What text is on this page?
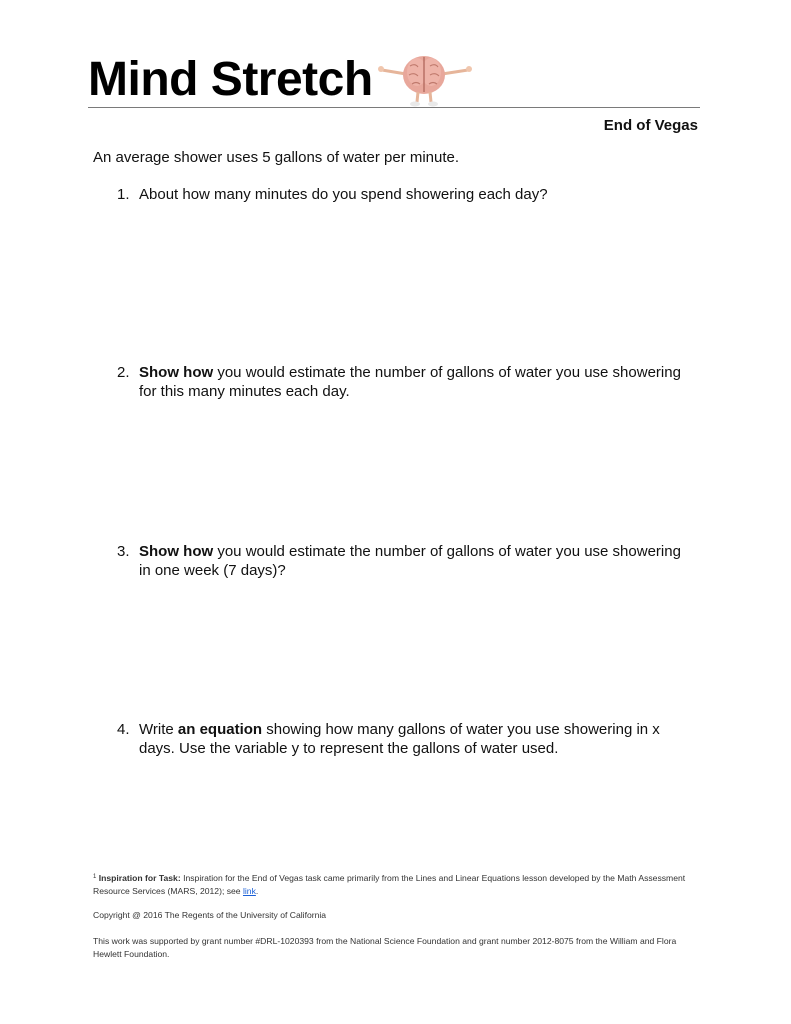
Mind Stretch
End of Vegas
An average shower uses 5 gallons of water per minute.
1. About how many minutes do you spend showering each day?
2. Show how you would estimate the number of gallons of water you use showering for this many minutes each day.
3. Show how you would estimate the number of gallons of water you use showering in one week (7 days)?
4. Write an equation showing how many gallons of water you use showering in x days. Use the variable y to represent the gallons of water used.
$^1$ Inspiration for Task: Inspiration for the End of Vegas task came primarily from the Lines and Linear Equations lesson developed by the Math Assessment Resource Services (MARS, 2012); see link.
Copyright @ 2016 The Regents of the University of California
This work was supported by grant number #DRL-1020393 from the National Science Foundation and grant number 2012-8075 from the William and Flora Hewlett Foundation.
